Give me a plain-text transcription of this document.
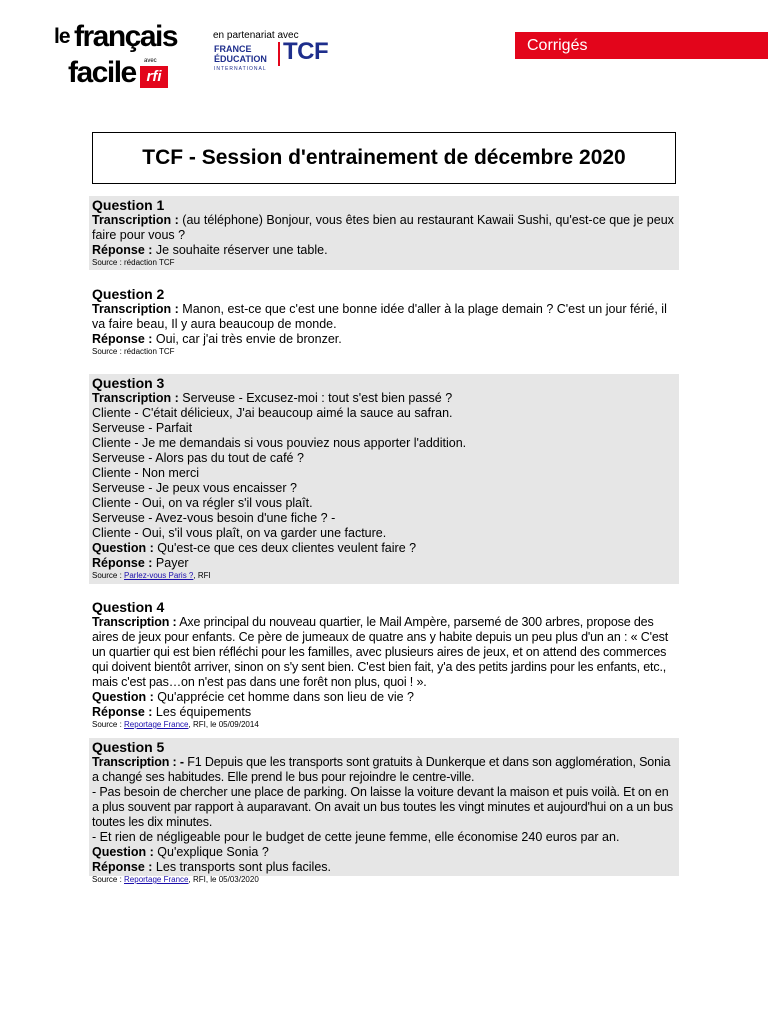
le français
avec
facile rfi
en partenariat avec
FRANCE
ÉDUCATION
INTERNATIONAL
TCF	Corrigés
TCF - Session d'entrainement de décembre 2020
Question 1

Transcription : (au téléphone) Bonjour, vous êtes bien au restaurant Kawaii Sushi, qu'est-ce que je peux faire pour vous ?

Réponse : Je souhaite réserver une table.

Source : rédaction TCF
Question 2

Transcription : Manon, est-ce que c'est une bonne idée d'aller à la plage demain ? C'est un jour férié, il va faire beau, Il y aura beaucoup de monde.

Réponse : Oui, car j'ai très envie de bronzer.

Source : rédaction TCF
Question 3

Transcription : Serveuse - Excusez-moi : tout s'est bien passé ?

Cliente - C'était délicieux, J'ai beaucoup aimé la sauce au safran.

Serveuse - Parfait

Cliente - Je me demandais si vous pouviez nous apporter l'addition.

Serveuse - Alors pas du tout de café ?

Cliente - Non merci

Serveuse - Je peux vous encaisser ?

Cliente - Oui, on va régler s'il vous plaît.

Serveuse - Avez-vous besoin d'une fiche ? -

Cliente - Oui, s'il vous plaît, on va garder une facture.

Question : Qu'est-ce que ces deux clientes veulent faire ?

Réponse : Payer

Source : Parlez-vous Paris ?, RFI
Question 4

Transcription : Axe principal du nouveau quartier, le Mail Ampère, parsemé de 300 arbres, propose des aires de jeux pour enfants. Ce père de jumeaux de quatre ans y habite depuis un peu plus d'un an : « C'est un quartier qui est bien réfléchi pour les familles, avec plusieurs aires de jeux, et on attend des commerces qui doivent bientôt arriver, sinon on s'y sent bien. C'est bien fait, y'a des petits jardins pour les enfants, etc., mais c'est pas…on n'est pas dans une forêt non plus, quoi ! ».

Question : Qu'apprécie cet homme dans son lieu de vie ?

Réponse : Les équipements

Source : Reportage France, RFI, le 05/09/2014
Question 5

Transcription : - F1 Depuis que les transports sont gratuits à Dunkerque et dans son agglomération, Sonia a changé ses habitudes. Elle prend le bus pour rejoindre le centre-ville.

- Pas besoin de chercher une place de parking. On laisse la voiture devant la maison et puis voilà. Et on en a plus souvent par rapport à auparavant. On avait un bus toutes les vingt minutes et aujourd'hui on a un bus toutes les dix minutes.

- Et rien de négligeable pour le budget de cette jeune femme, elle économise 240 euros par an.

Question : Qu'explique Sonia ?

Réponse : Les transports sont plus faciles.

Source : Reportage France, RFI, le 05/03/2020
